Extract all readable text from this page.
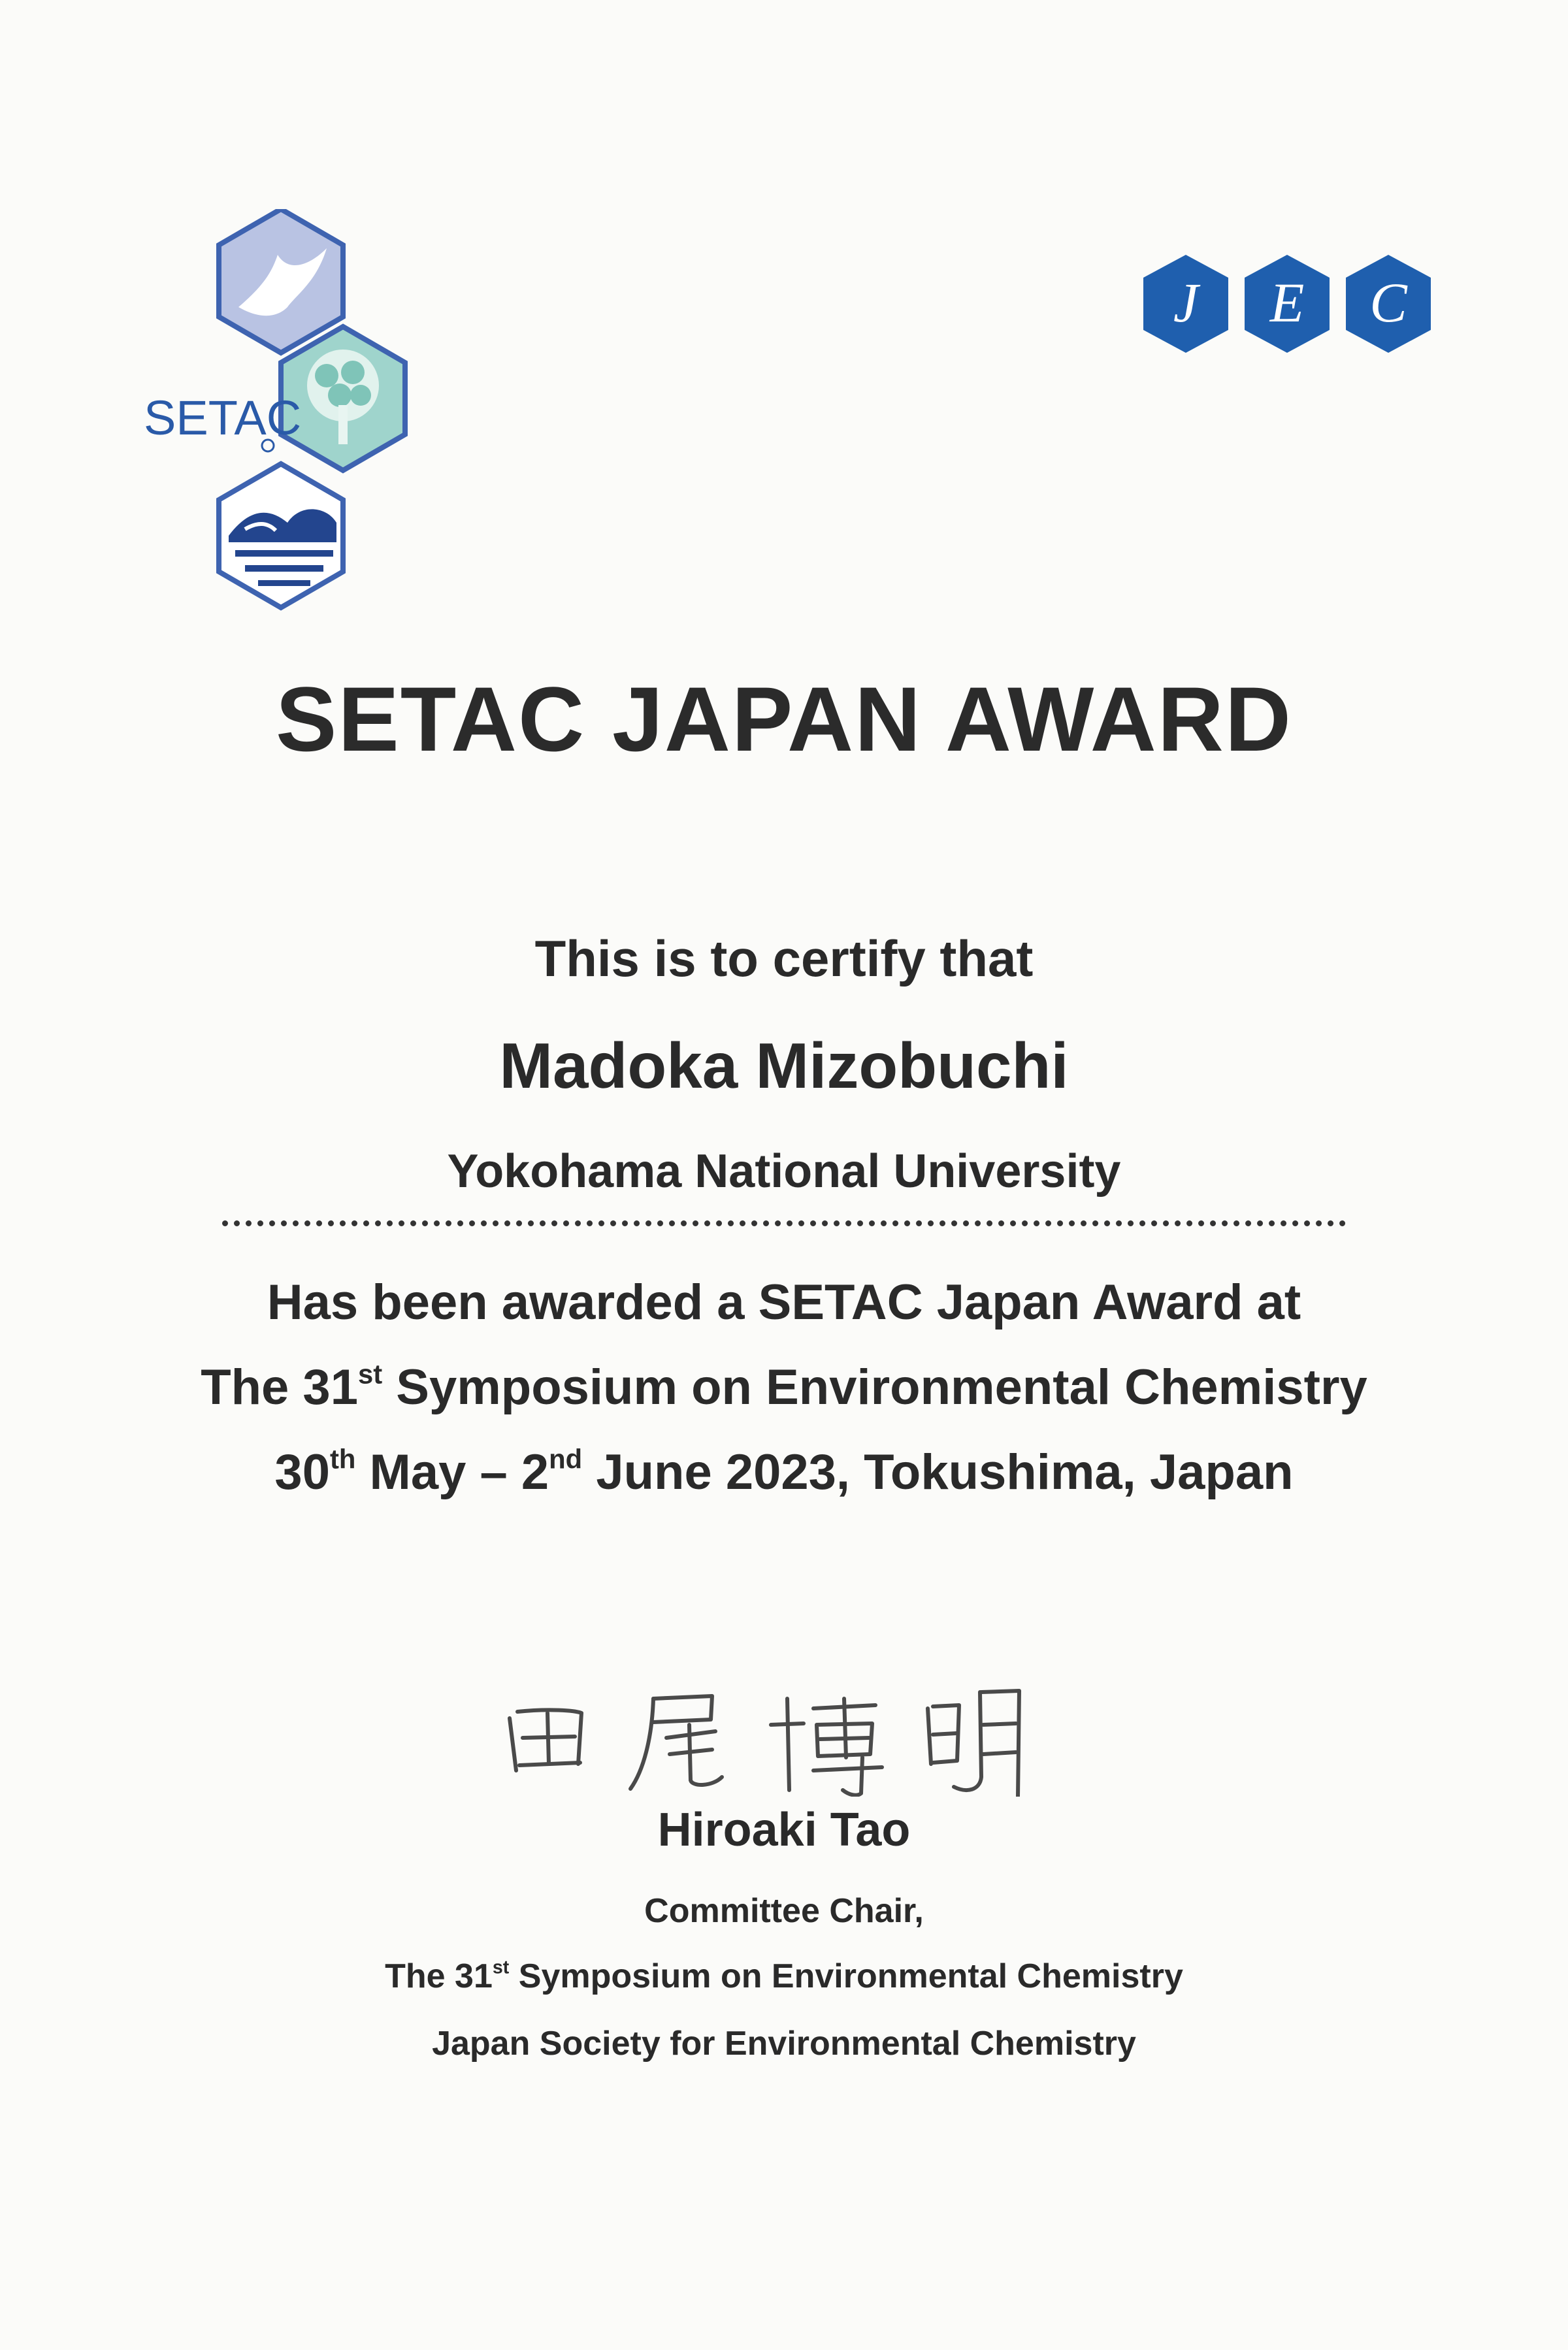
SETAC
J E C
SETAC JAPAN AWARD
This is to certify that
Madoka Mizobuchi
Yokohama National University
Has been awarded a SETAC Japan Award at
The 31st Symposium on Environmental Chemistry
30th May – 2nd June 2023, Tokushima, Japan
Hiroaki Tao
Committee Chair,
The 31st Symposium on Environmental Chemistry
Japan Society for Environmental Chemistry
